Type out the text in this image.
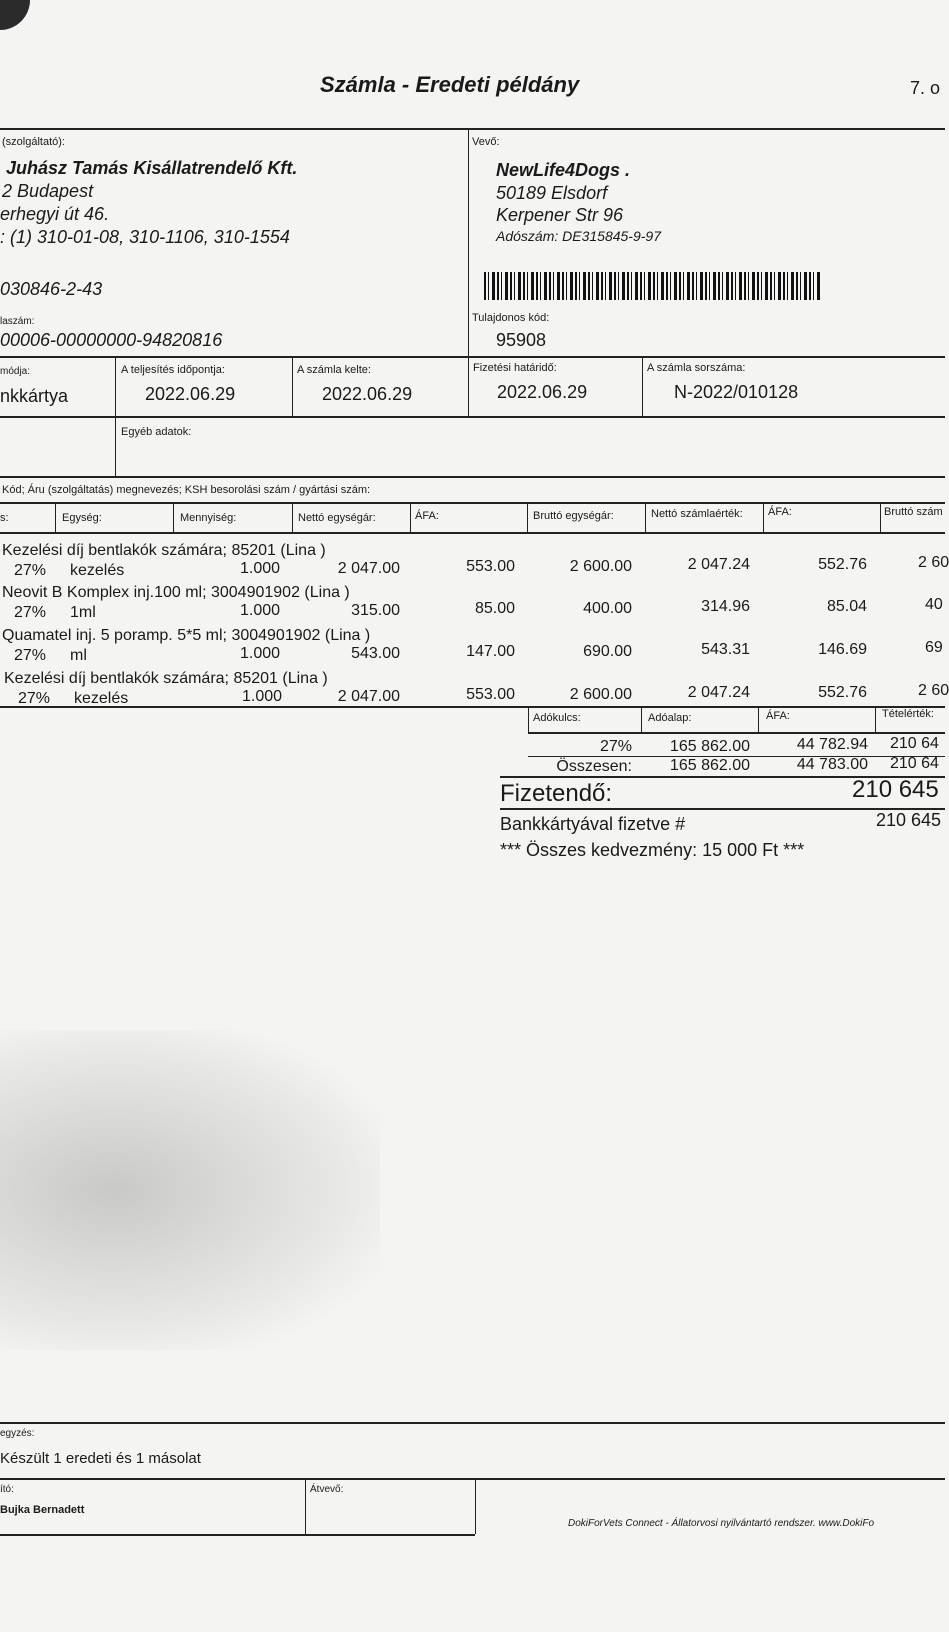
Számla - Eredeti példány	7. o
(szolgáltató):
Juhász Tamás Kisállatrendelő Kft.
2 Budapest
erhegyi út 46.
: (1) 310-01-08, 310-1106, 310-1554
030846-2-43
laszám:
00006-00000000-94820816
Vevő:
NewLife4Dogs .
50189 Elsdorf
Kerpener Str 96
Adószám: DE315845-9-97
Tulajdonos kód:
95908
módja:
nkkártya
A teljesítés időpontja:
2022.06.29
A számla kelte:
2022.06.29
Fizetési határidő:
2022.06.29
A számla sorszáma:
N-2022/010128
Egyéb adatok:
Kód; Áru (szolgáltatás) megnevezés; KSH besorolási szám / gyártási szám:
s:	Egység:	Mennyiség:	Nettó egységár:	ÁFA:	Bruttó egységár:	Nettó számlaérték: ÁFA:	Bruttó szám
Kezelési díj bentlakók számára; 85201 (Lina )
27% kezelés	1.000	2 047.00	553.00	2 600.00	2 047.24	552.76	2 60
Neovit B Komplex inj.100 ml; 3004901902 (Lina )
27% 1ml	1.000	315.00	85.00	400.00	314.96	85.04	40
Quamatel inj. 5 poramp. 5*5 ml; 3004901902 (Lina )
27% ml	1.000	543.00	147.00	690.00	543.31	146.69	69
Kezelési díj bentlakók számára; 85201 (Lina )
27% kezelés	1.000	2 047.00	553.00	2 600.00	2 047.24	552.76	2 60
Adókulcs:	Adóalap:	ÁFA:	Tételérték:
27%	165 862.00	44 782.94 210 64
Összesen:	165 862.00	44 783.00 210 64
Fizetendő:	210 645
Bankkártyával fizetve #	210 645
*** Összes kedvezmény: 15 000 Ft ***
egyzés:
Készült 1 eredeti és 1 másolat
ító:
Bujka Bernadett
Átvevő:
DokiForVets Connect - Állatorvosi nyilvántartó rendszer. www.DokiFo
